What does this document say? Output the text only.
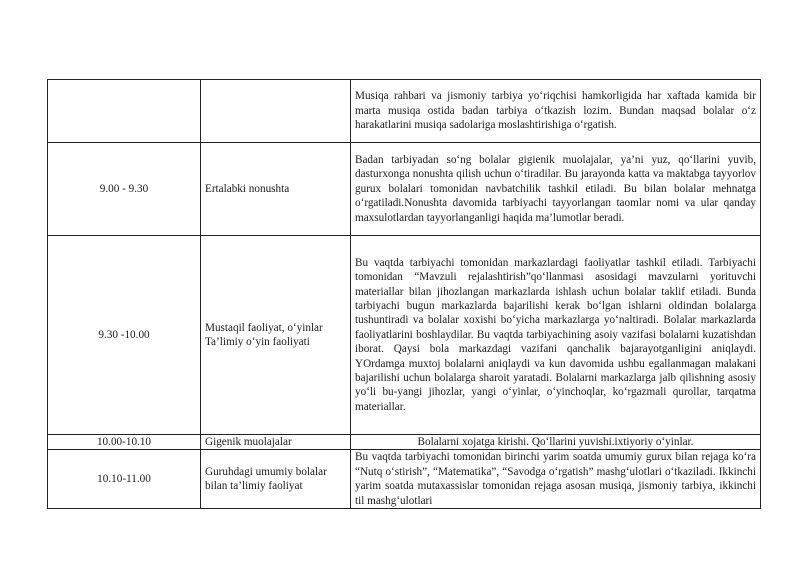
		Musiqa rahbari va jismoniy tarbiya yo‘riqchisi hamkorligida har xaftada kamida bir marta musiqa ostida badan tarbiya o‘tkazish lozim. Bundan maqsad bolalar o‘z harakatlarini musiqa sadolariga moslashtirishiga o‘rgatish.

9.00 - 9.30	Ertalabki nonushta	Badan tarbiyadan so‘ng bolalar gigienik muolajalar, ya’ni yuz, qo‘llarini yuvib, dasturxonga nonushta qilish uchun o‘tiradilar. Bu jarayonda katta va maktabga tayyorlov gurux bolalari tomonidan navbatchilik tashkil etiladi. Bu bilan bolalar mehnatga o‘rgatiladi.Nonushta davomida tarbiyachi tayyorlangan taomlar nomi va ular qanday maxsulotlardan tayyorlanganligi haqida ma’lumotlar beradi.

9.30 -10.00	Mustaqil faoliyat, o‘yinlar Ta’limiy o‘yin faoliyati	Bu vaqtda tarbiyachi tomonidan markazlardagi faoliyatlar tashkil etiladi. Tarbiyachi tomonidan “Mavzuli rejalashtirish”qo‘llanmasi asosidagi mavzularni yorituvchi materiallar bilan jihozlangan markazlarda ishlash uchun bolalar taklif etiladi. Bunda tarbiyachi bugun markazlarda bajarilishi kerak bo‘lgan ishlarni oldindan bolalarga tushuntiradi va bolalar xoxishi bo‘yicha markazlarga yo‘naltiradi. Bolalar markazlarda faoliyatlarini boshlaydilar. Bu vaqtda tarbiyachining asoiy vazifasi bolalarni kuzatishdan iborat. Qaysi bola markazdagi vazifani qanchalik bajarayotganligini aniqlaydi. YOrdamga muxtoj bolalarni aniqlaydi va kun davomida ushbu egallanmagan malakani bajarilishi uchun bolalarga sharoit yaratadi. Bolalarni markazlarga jalb qilishning asosiy yo‘li bu-yangi jihozlar, yangi o‘yinlar, o‘yinchoqlar, ko‘rgazmali qurollar, tarqatma materiallar.

10.00-10.10	Gigenik muolajalar	Bolalarni xojatga kirishi. Qo‘llarini yuvishi.ixtiyoriy o‘yinlar.

10.10-11.00	Guruhdagi umumiy bolalar bilan ta’limiy faoliyat	Bu vaqtda tarbiyachi tomonidan birinchi yarim soatda umumiy gurux bilan rejaga ko‘ra “Nutq o‘stirish”, “Matematika”, “Savodga o‘rgatish” mashg‘ulotlari o‘tkaziladi. Ikkinchi yarim soatda mutaxassislar tomonidan rejaga asosan musiqa, jismoniy tarbiya, ikkinchi til mashg‘ulotlari
